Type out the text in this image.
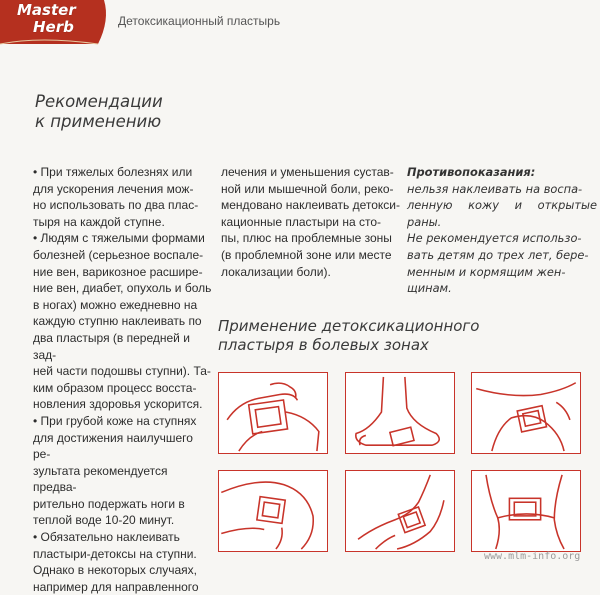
Master
Herb	Детоксикационный пластырь
Рекомендации
к применению
• При тяжелых болезнях или
для ускорения лечения мож-
но использовать по два плас-
тыря на каждой ступне.
• Людям с тяжелыми формами
болезней (серьезное воспале-
ние вен, варикозное расшире-
ние вен, диабет, опухоль и боль
в ногах) можно ежедневно на
каждую ступню наклеивать по
два пластыря (в передней и зад-
ней части подошвы ступни). Та-
ким образом процесс восста-
новления здоровья ускорится.
• При грубой коже на ступнях
для достижения наилучшего ре-
зультата рекомендуется предва-
рительно подержать ноги в
теплой воде 10-20 минут.
• Обязательно наклеивать
пластыри-детоксы на ступни.
Однако в некоторых случаях,
например для направленного
лечения и уменьшения сустав-
ной или мышечной боли, реко-
мендовано наклеивать детокси-
кационные пластыри на сто-
пы, плюс на проблемные зоны
(в проблемной зоне или месте
локализации боли).
Противопоказания:
нельзя наклеивать на воспа-
ленную кожу и открытые раны.
Не рекомендуется использо-
вать детям до трех лет, бере-
менным и кормящим жен-
щинам.
Применение детоксикационного
пластыря в болевых зонах
www.mlm-info.org
